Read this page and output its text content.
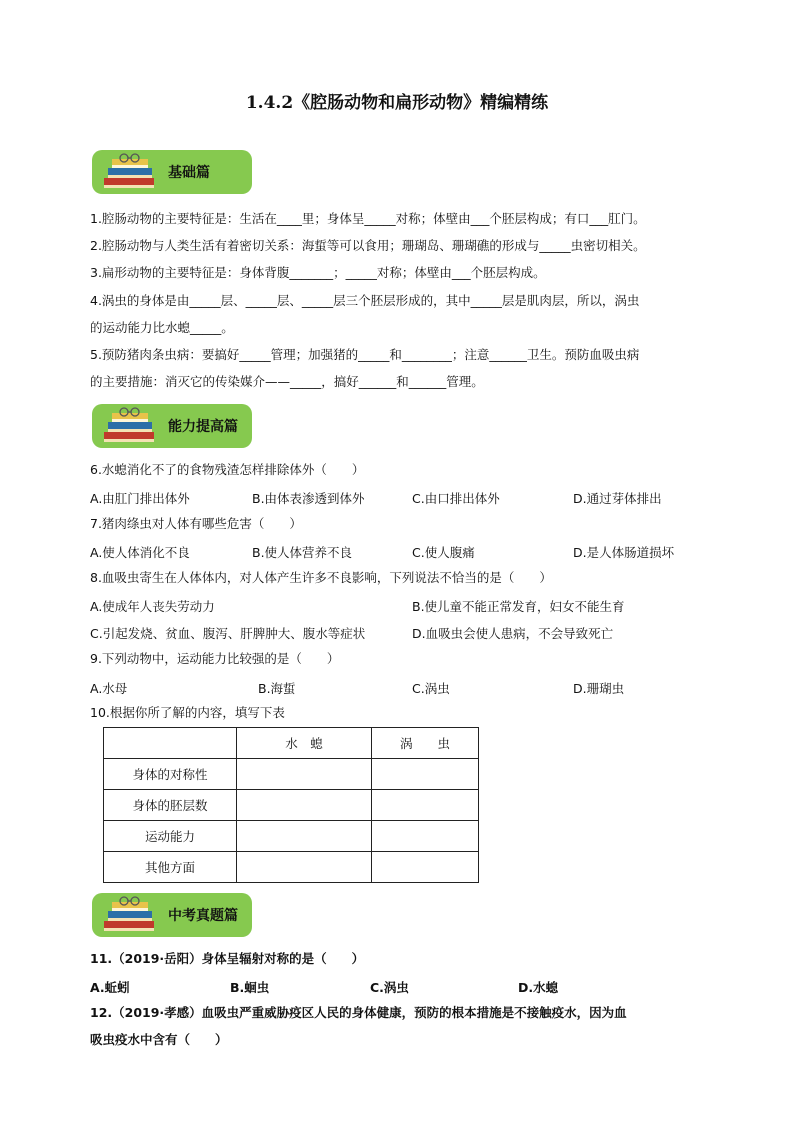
1.4.2《腔肠动物和扁形动物》精编精练
基础篇
1.腔肠动物的主要特征是：生活在____里；身体呈_____对称；体壁由___个胚层构成；有口___肛门。
2.腔肠动物与人类生活有着密切关系：海蜇等可以食用；珊瑚岛、珊瑚礁的形成与_____虫密切相关。
3.扁形动物的主要特征是：身体背腹_______；_____对称；体壁由___个胚层构成。
4.涡虫的身体是由_____层、_____层、_____层三个胚层形成的，其中_____层是肌肉层，所以，涡虫
的运动能力比水螅_____。
5.预防猪肉条虫病：要搞好_____管理；加强猪的_____和________；注意______卫生。预防血吸虫病
的主要措施：消灭它的传染媒介——_____，搞好______和______管理。
能力提高篇
6.水螅消化不了的食物残渣怎样排除体外（　　）
A.由肛门排出体外	B.由体表渗透到体外	C.由口排出体外	D.通过芽体排出
7.猪肉绦虫对人体有哪些危害（　　）
A.使人体消化不良	B.使人体营养不良	C.使人腹痛	D.是人体肠道损坏
8.血吸虫寄生在人体体内，对人体产生许多不良影响，下列说法不恰当的是（　　）
A.使成年人丧失劳动力	B.使儿童不能正常发育，妇女不能生育
C.引起发烧、贫血、腹泻、肝脾肿大、腹水等症状	D.血吸虫会使人患病，不会导致死亡
9.下列动物中，运动能力比较强的是（　　）
A.水母	B.海蜇	C.涡虫	D.珊瑚虫
10.根据你所了解的内容，填写下表
	水　螅	涡　　虫
身体的对称性		
身体的胚层数		
运动能力		
其他方面		
中考真题篇
11.（2019·岳阳）身体呈辐射对称的是（　　）
A.蚯蚓	B.蛔虫	C.涡虫	D.水螅
12.（2019·孝感）血吸虫严重威胁疫区人民的身体健康，预防的根本措施是不接触疫水，因为血
吸虫疫水中含有（　　）
